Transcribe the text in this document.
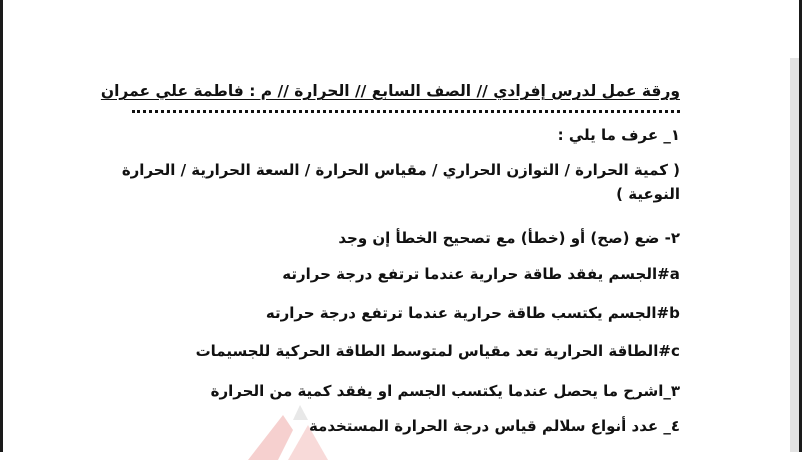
ورقة عمل لدرس إفرادي // الصف السابع // الحرارة // م : فاطمة علي عمران
١_ عرف ما يلي :
( كمية الحرارة / التوازن الحراري / مقياس الحرارة / السعة الحرارية / الحرارة
النوعية )
٢- ضع (صح) أو (خطأ) مع تصحيح الخطأ إن وجد
a#الجسم يفقد طاقة حرارية عندما ترتفع درجة حرارته
b#الجسم يكتسب طاقة حرارية عندما ترتفع درجة حرارته
c#الطاقة الحرارية تعد مقياس لمتوسط الطاقة الحركية للجسيمات
٣_اشرح ما يحصل عندما يكتسب الجسم او يفقد كمية من الحرارة
٤_ عدد أنواع سلالم قياس درجة الحرارة المستخدمة
